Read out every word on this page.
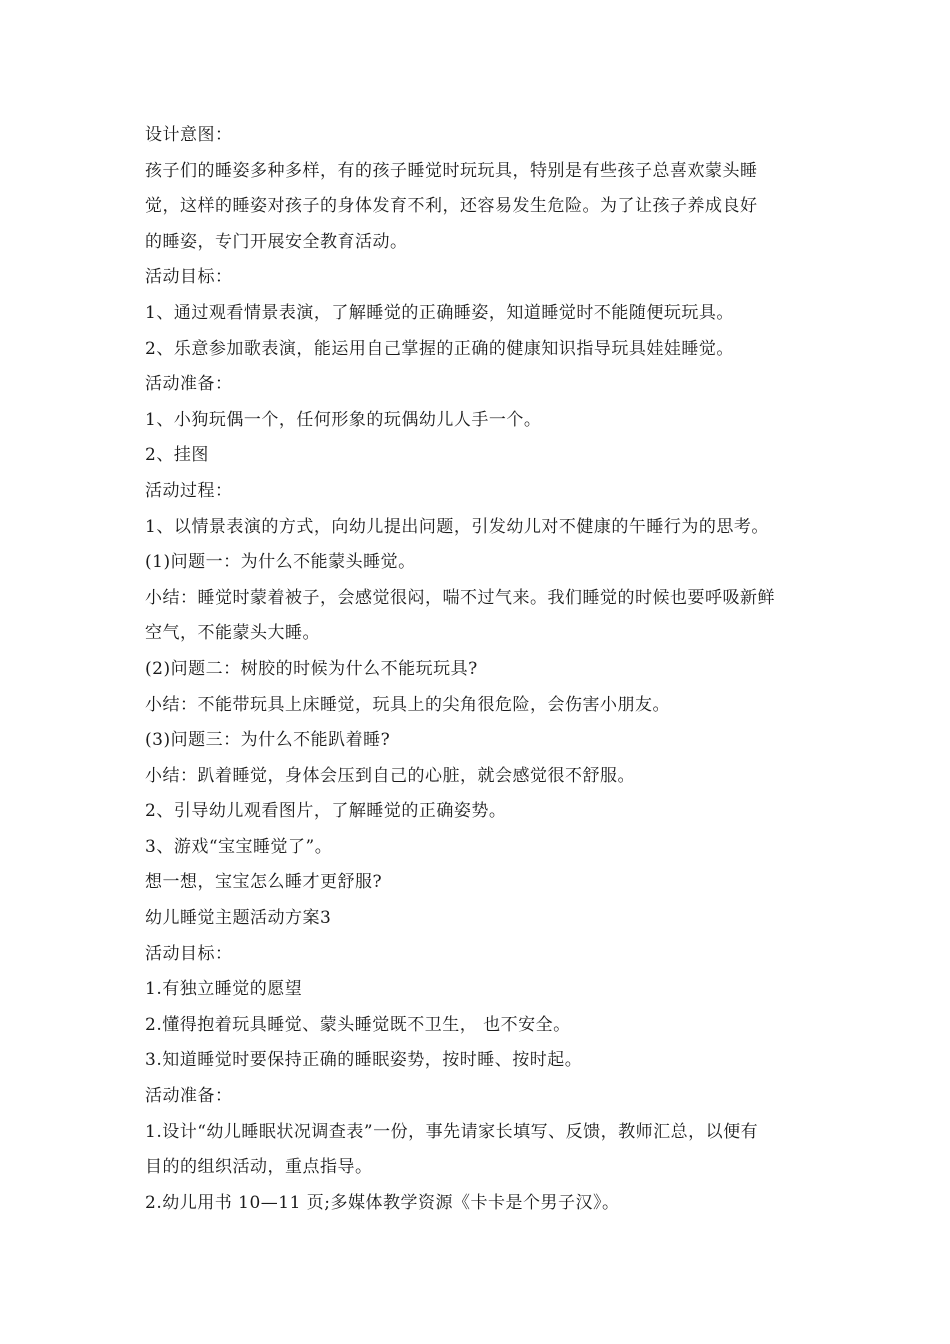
设计意图：
孩子们的睡姿多种多样，有的孩子睡觉时玩玩具，特别是有些孩子总喜欢蒙头睡
觉，这样的睡姿对孩子的身体发育不利，还容易发生危险。为了让孩子养成良好
的睡姿，专门开展安全教育活动。
活动目标：
1、通过观看情景表演，了解睡觉的正确睡姿，知道睡觉时不能随便玩玩具。
2、乐意参加歌表演，能运用自己掌握的正确的健康知识指导玩具娃娃睡觉。
活动准备：
1、小狗玩偶一个，任何形象的玩偶幼儿人手一个。
2、挂图
活动过程：
1、以情景表演的方式，向幼儿提出问题，引发幼儿对不健康的午睡行为的思考。
(1)问题一：为什么不能蒙头睡觉。
小结：睡觉时蒙着被子，会感觉很闷，喘不过气来。我们睡觉的时候也要呼吸新鲜
空气，不能蒙头大睡。
(2)问题二：树胶的时候为什么不能玩玩具?
小结：不能带玩具上床睡觉，玩具上的尖角很危险，会伤害小朋友。
(3)问题三：为什么不能趴着睡?
小结：趴着睡觉，身体会压到自己的心脏，就会感觉很不舒服。
2、引导幼儿观看图片，了解睡觉的正确姿势。
3、游戏“宝宝睡觉了”。
想一想，宝宝怎么睡才更舒服?
幼儿睡觉主题活动方案3
活动目标：
1.有独立睡觉的愿望
2.懂得抱着玩具睡觉、蒙头睡觉既不卫生， 也不安全。
3.知道睡觉时要保持正确的睡眠姿势，按时睡、按时起。
活动准备：
1.设计“幼儿睡眠状况调查表”一份，事先请家长填写、反馈，教师汇总，以便有
目的的组织活动，重点指导。
2.幼儿用书 10—11 页;多媒体教学资源《卡卡是个男子汉》。
